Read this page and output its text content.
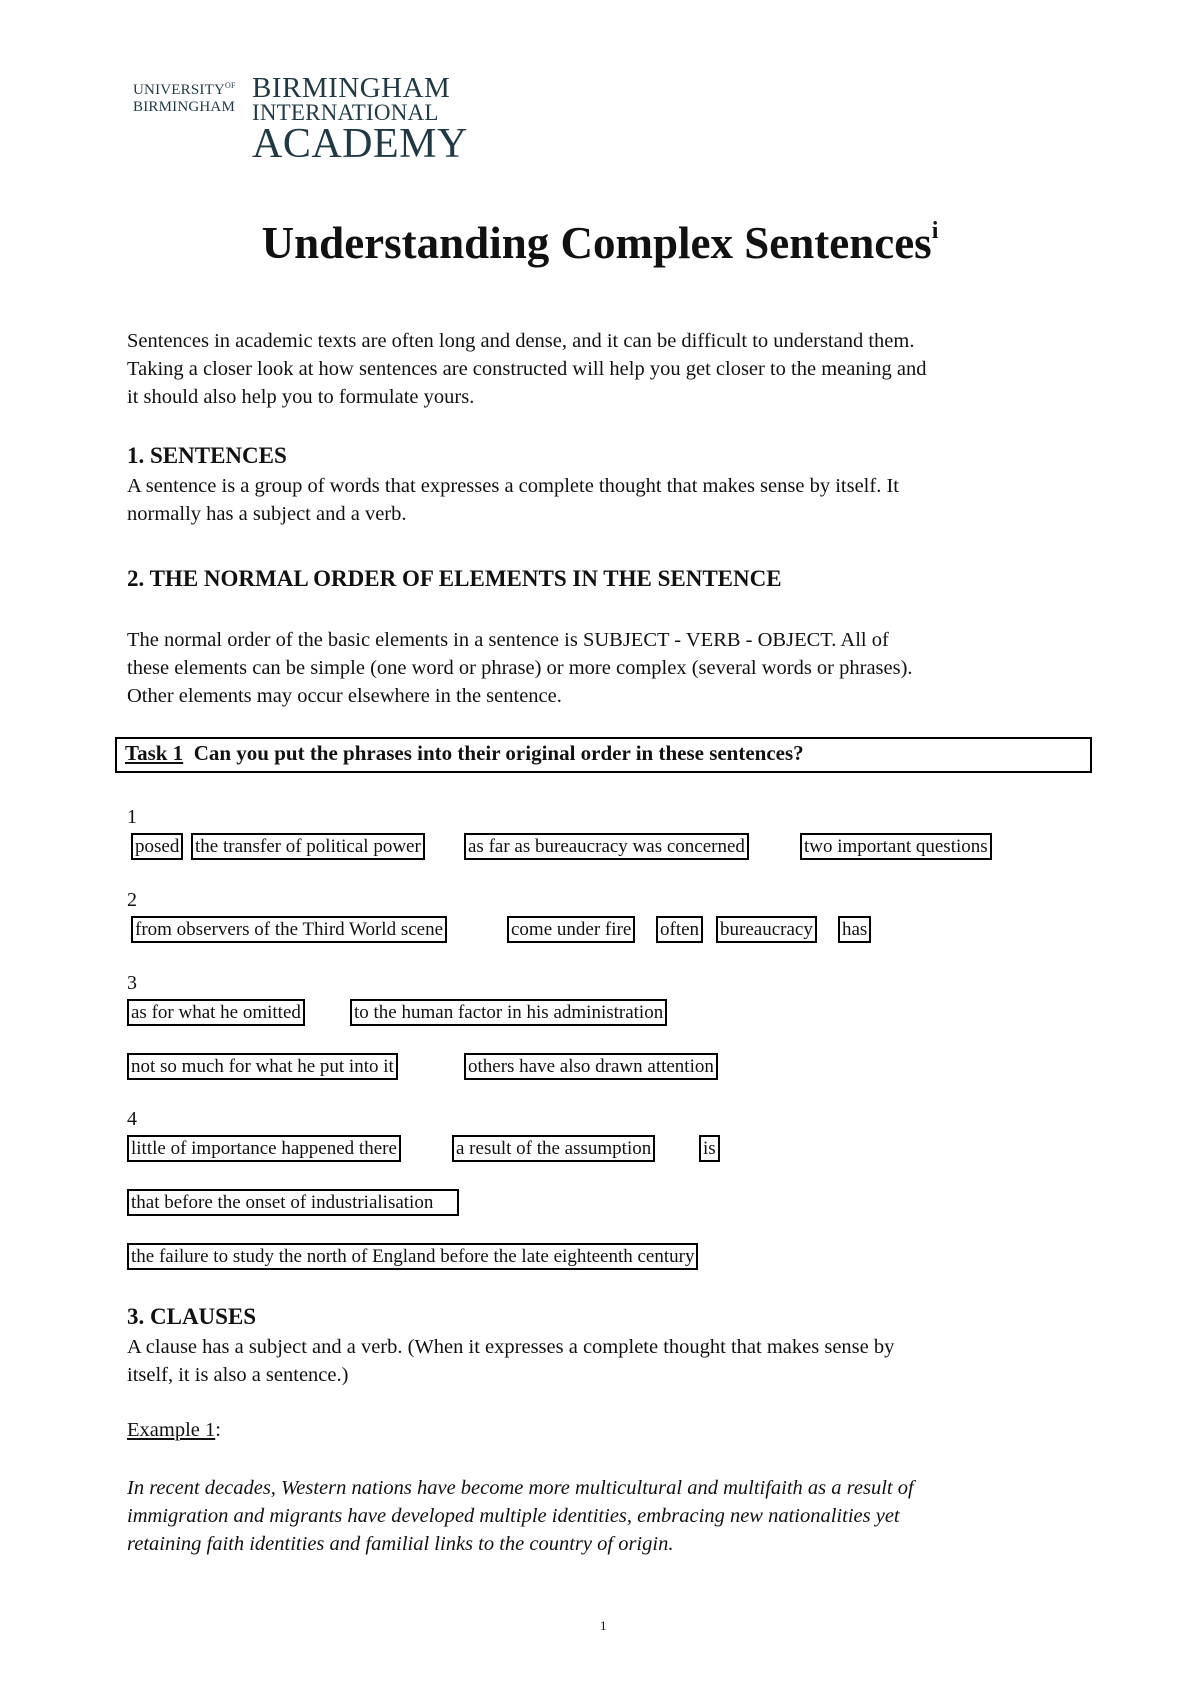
$UNIVERSITY^{OF}$
BIRMINGHAM
BIRMINGHAM
INTERNATIONAL
ACADEMY
Understanding Complex Sentences$^i$
Sentences in academic texts are often long and dense, and it can be difficult to understand them.
Taking a closer look at how sentences are constructed will help you get closer to the meaning and
it should also help you to formulate yours.
1. SENTENCES
A sentence is a group of words that expresses a complete thought that makes sense by itself. It
normally has a subject and a verb.
2. THE NORMAL ORDER OF ELEMENTS IN THE SENTENCE
The normal order of the basic elements in a sentence is SUBJECT - VERB - OBJECT. All of
these elements can be simple (one word or phrase) or more complex (several words or phrases).
Other elements may occur elsewhere in the sentence.
Task 1  Can you put the phrases into their original order in these sentences?
1
posed the transfer of political power as far as bureaucracy was concerned	two important questions
2
from observers of the Third World scene	come under fire often bureaucracy has
3
as for what he omitted	to the human factor in his administration
not so much for what he put into it	others have also drawn attention
4
little of importance happened there	a result of the assumption	is
that before the onset of industrialisation
the failure to study the north of England before the late eighteenth century
3. CLAUSES
A clause has a subject and a verb. (When it expresses a complete thought that makes sense by
itself, it is also a sentence.)
Example 1:
In recent decades, Western nations have become more multicultural and multifaith as a result of
immigration and migrants have developed multiple identities, embracing new nationalities yet
retaining faith identities and familial links to the country of origin.
1
